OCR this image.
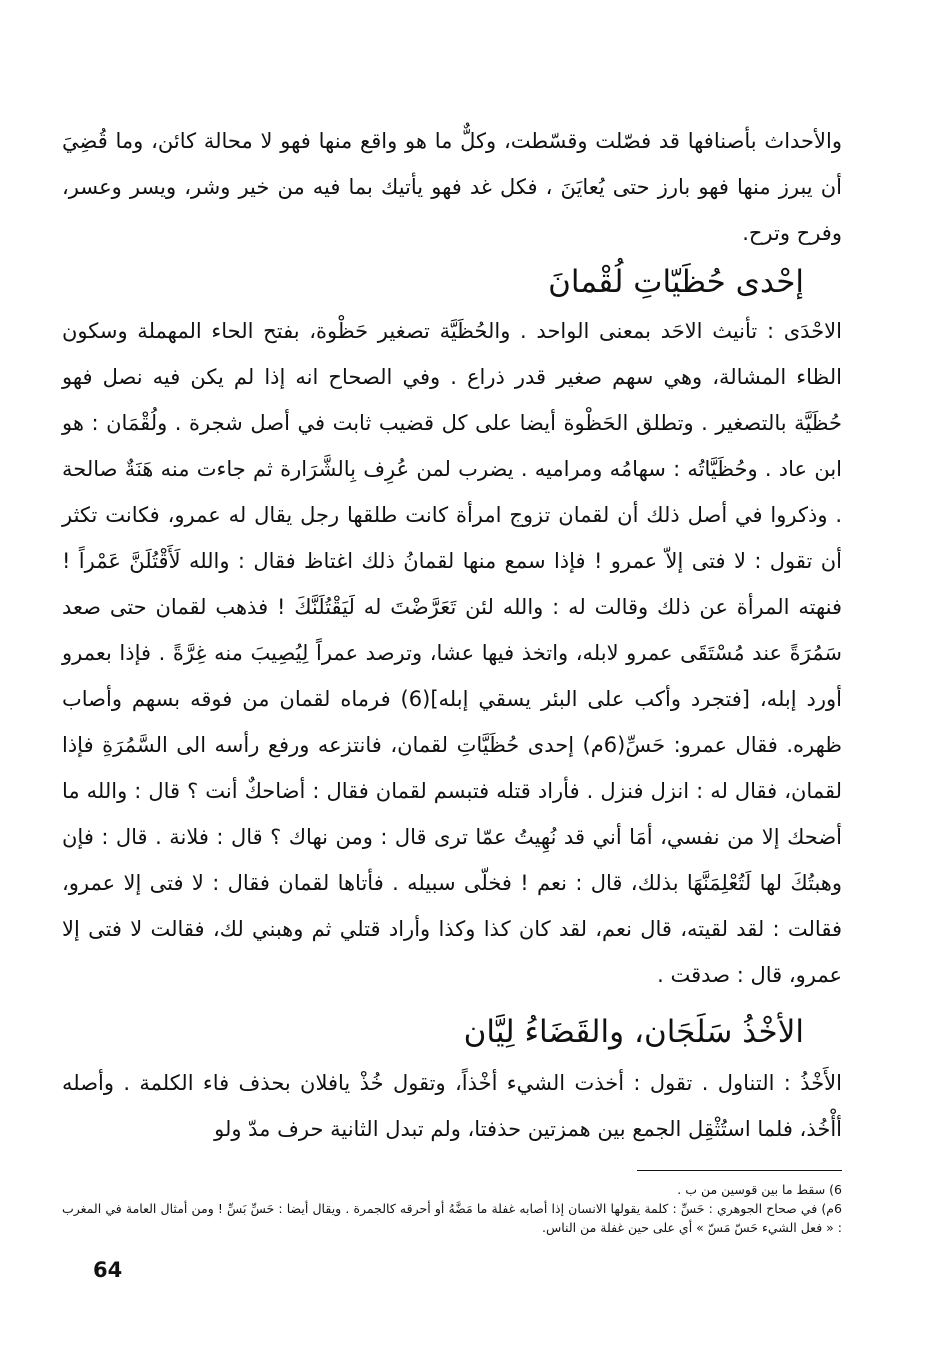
والأحداث بأصنافها قد فصّلت وقسّطت، وكلٌّ ما هو واقع منها فهو لا محالة كائن، وما قُضِيَ أن يبرز منها فهو بارز حتى يُعايَنَ ، فكل غد فهو يأتيك بما فيه من خير وشر، ويسر وعسر، وفرح وترح.

إحْدى حُظَيّاتِ لُقْمانَ

الاحْدَى : تأنيث الاحَد بمعنى الواحد . والحُظَيَّة تصغير حَظْوة، بفتح الحاء المهملة وسكون الظاء المشالة، وهي سهم صغير قدر ذراع . وفي الصحاح انه إذا لم يكن فيه نصل فهو حُظَيَّة بالتصغير . وتطلق الحَظْوة أيضا على كل قضيب ثابت في أصل شجرة . ولُقْمَان : هو ابن عاد . وحُظَيَّاتُه : سهامُه ومراميه . يضرب لمن عُرِف بِالشَّرَارة ثم جاءت منه هَنَةٌ صالحة . وذكروا في أصل ذلك أن لقمان تزوج امرأة كانت طلقها رجل يقال له عمرو، فكانت تكثر أن تقول : لا فتى إلاّ عمرو ! فإذا سمع منها لقمانُ ذلك اغتاظ فقال : والله لَأَقْتُلَنَّ عَمْراً ! فنهته المرأة عن ذلك وقالت له : والله لئن تَعَرَّضْتَ له لَيَقْتُلَنَّكَ ! فذهب لقمان حتى صعد سَمُرَةً عند مُسْتَقَى عمرو لابله، واتخذ فيها عشا، وترصد عمراً لِيُصِيبَ منه غِرَّةً . فإذا بعمرو أورد إبله، [فتجرد وأكب على البئر يسقي إبله](6) فرماه لقمان من فوقه بسهم وأصاب ظهره. فقال عمرو: حَسِّ(6م) إحدى حُظَيَّاتِ لقمان، فانتزعه ورفع رأسه الى السَّمُرَةِ فإذا لقمان، فقال له : انزل فنزل . فأراد قتله فتبسم لقمان فقال : أضاحكٌ أنت ؟ قال : والله ما أضحك إلا من نفسي، أمَا أني قد نُهِيتُ عمّا ترى قال : ومن نهاك ؟ قال : فلانة . قال : فإن وهبتُكَ لها لَتُعْلِمَنَّهَا بذلك، قال : نعم ! فخلّى سبيله . فأتاها لقمان فقال : لا فتى إلا عمرو، فقالت : لقد لقيته، قال نعم، لقد كان كذا وكذا وأراد قتلي ثم وهبني لك، فقالت لا فتى إلا عمرو، قال : صدقت .

الأخْذُ سَلَجَان، والقَضَاءُ لِيَّان

الأَخْذُ : التناول . تقول : أخذت الشيء أخْذاً، وتقول خُذْ يافلان بحذف فاء الكلمة . وأصله أأْخُذ، فلما استُثْقِل الجمع بين همزتين حذفتا، ولم تبدل الثانية حرف مدّ ولو

6) سقط ما بين قوسين من ب .

6م) في صحاح الجوهري : حَسِّ : كلمة يقولها الانسان إذا أصابه غفلة ما مَضَّهُ أو أحرقه كالجمرة . ويقال أيضا : حَسِّ بَسِّ ! ومن أمثال العامة في المغرب : « فعل الشيء حَسّ مَسّ » أي على حين غفلة من الناس.

64
